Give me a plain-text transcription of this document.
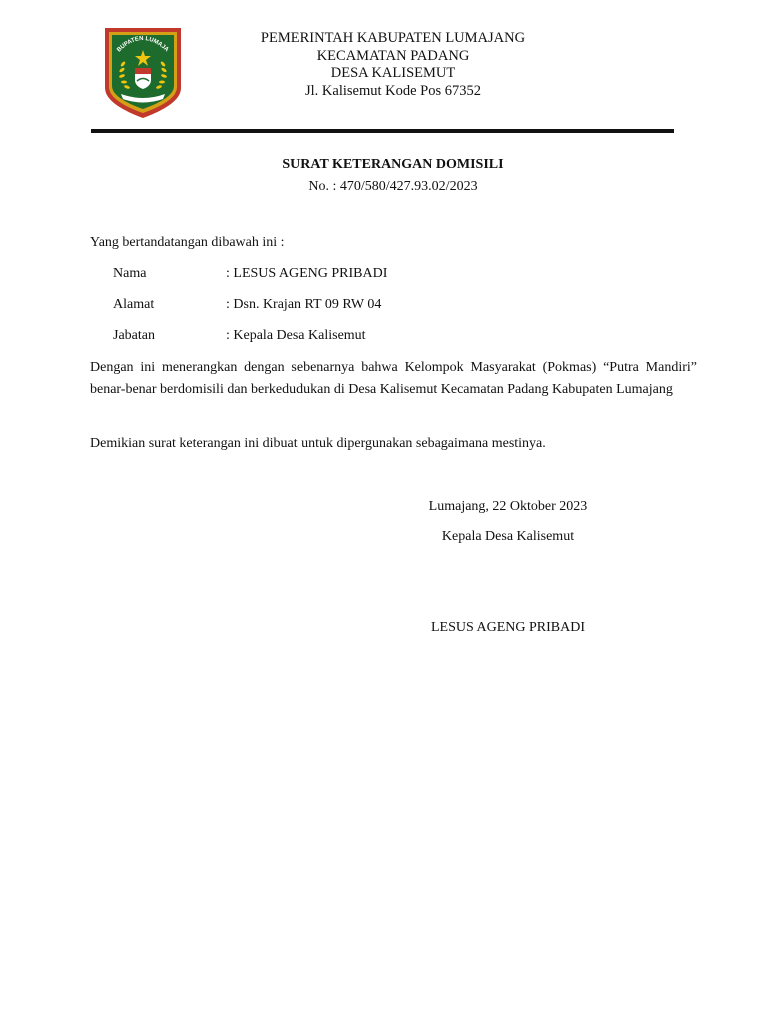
BUPATEN LUMAJA
PEMERINTAH KABUPATEN LUMAJANG
KECAMATAN PADANG
DESA KALISEMUT
Jl. Kalisemut Kode Pos 67352
SURAT KETERANGAN DOMISILI
No. : 470/580/427.93.02/2023
Yang bertandatangan dibawah ini :
Nama	: LESUS AGENG PRIBADI
Alamat	: Dsn. Krajan RT 09 RW 04
Jabatan	: Kepala Desa Kalisemut
Dengan ini menerangkan dengan sebenarnya bahwa Kelompok Masyarakat (Pokmas) “Putra Mandiri” benar-benar berdomisili dan berkedudukan di Desa Kalisemut Kecamatan Padang Kabupaten Lumajang
Demikian surat keterangan ini dibuat untuk dipergunakan sebagaimana mestinya.
Lumajang, 22 Oktober 2023
Kepala Desa Kalisemut
LESUS AGENG PRIBADI
